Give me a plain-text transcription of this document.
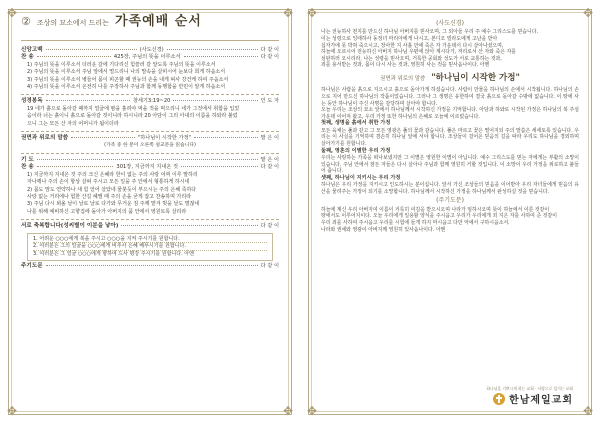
✥	✥
✥	✥
② 조상의 묘소에서 드리는 가족예배 순서
신앙고백	(사도신경)	다 같 이
찬 송	425장, 주님의 뜻을 이루소서	다 같 이
1) 주님의 뜻을 이루소서 더러운 갈에 기다리신 힘쓸러 갈 앞도록 주님의 뜻을 이루소서
2) 주님의 뜻을 이루소서 주님 앞에서 떨드리니 나의 맘속을 살피시어 눈보다 희게 하옵소서
3) 주님의 뜻을 이루소서 병들어 몸이 피곤할 때 권능의 손을 내게 펴사 강건케 하여 주옵소서
4) 주님의 뜻을 이루소서 온전히 나를 주장하사 주님과 함께 동행함을 만민이 알게 하옵소서
성경봉독	창세기3:19~20	인 도 자
19 네가 흙으로 돌아갈 때까지 얼굴에 땀을 흘려야 먹을 것을 먹으리니 네가 그것에서 취함을 입었
음이라 너는 흙이니 흙으로 돌아갈 것이니라 하시니라 20 아담이 그의 아내의 이름을 하와라 불렀
으니 그는 모든 산 자의 어머니가 됨이더라
권면과 위로의 말씀	"하나님이 시작한 가정"	말 은 이
(가족 중 한 분이 오른쪽 설교문을 읽습니다)
기 도	맡 은 이
찬 송	301장, 지금까지 지내온 것	다 같 이
1) 지금까지 지내온 것 주의 크신 은혜라 한이 없는 주의 사랑 어찌 이루 말하리
자나깨나 주의 손이 항상 살펴 주시고 모든 일을 주 안에서 형통하게 하시네
2) 몸도 맘도 연약하나 새 힘 얻어 살았네 물붓듯이 부으시는 주의 은혜 족하다
사랑 없는 거리에나 험한 산길 헤맬 때 주의 손을 굳게 잡고 찬송하며 가리라
3) 주님 다시 뵈올 날이 날로 날로 다가와 무거운 짐 주께 맡겨 벗을 날도 멀잖네
나를 위해 예비하신 고향집에 돌아가 아버지의 품 안에서 영원토록 살리라
서로 축복합니다(성씨별이 이분을 낳아)	다 같 이
1. 어려운 ○○○에게 복을 주시고 ○○○을 지켜 주시기를 원합니다.
2. 여러분은 그의 얼굴을 ○○○에게 비추사 은혜 베푸시기를 원합니다.
3. 여러분은 그 얼굴 ○○○에게 향하여 드사 평강 주시기를 원합니다. 아멘
주기도문	다 같 이
✥	✥
✥	✥
(사도신경)
나는 전능하사 천지를 만드신 하나님 아버지를 믿사오며, 그 외아들 우리 주 예수 그리스도를 믿습니다.
이는 성령으로 잉태하사 동정녀 마리아에게 나시고, 본디오 빌라도에게 고난을 받아
십자가에 못 박혀 죽으시고, 장사한 지 사흘 만에 죽은 자 가운데서 다시 살아나셨으며,
하늘에 오르시어 전능하신 아버지 하나님 우편에 앉아 계시다가, 저리로서 산 자와 죽은 자를
심판하러 오시리라. 나는 성령을 믿사오며, 거룩한 공회와 성도가 서로 교통하는 것과,
죄를 용서받는 것과, 몸이 다시 사는 것과, 영원히 사는 것을 믿사옵나이다. 아멘
권면과 위로의 말씀 "하나님이 시작한 가정"
하나님은 사람을 흙으로 지으시고 흙으로 돌아가게 하셨습니다. 사람이 만물을 하나님의 손에서 시작됩니다. 하나님의 손으로 지어 만드신 하나님의 작품이었습니다. 그러나 그 생명은 유한하여 결국 흙으로 돌아갈 수밖에 없습니다. 이 땅에 사는 동안 하나님이 주신 사명을 감당하며 살아야 합니다.
오늘 우리는 조상의 묘소 앞에서 하나님께서 시작하신 가정을 기억합니다. 아담과 하와로 시작된 가정은 하나님의 복 주심 가운데 이어져 왔고, 우리 가정 또한 하나님의 은혜로 오늘에 이르렀습니다.
첫째, 생명을 흙에서 취한 가정
모든 육체는 풀과 같고 그 모든 영광은 풀의 꽃과 같습니다. 풀은 마르고 꽃은 떨어지되 주의 말씀은 세세토록 있습니다. 우리는 이 사실을 기억하며 겸손히 하나님 앞에 서야 합니다. 조상들이 걸어온 믿음의 길을 따라 우리도 하나님을 경외하며 살아가기를 원합니다.
둘째, 영혼의 이별한 우리 가정
우리는 사랑하는 가족을 떠나보냈지만 그 이별은 영원한 이별이 아닙니다. 예수 그리스도를 믿는 자에게는 부활의 소망이 있습니다. 주님 안에서 잠든 자들은 다시 살아나 주님과 함께 영원히 거할 것입니다. 이 소망이 우리 가정을 위로하고 붙들어 줍니다.
셋째, 하나님이 지키시는 우리 가정
하나님은 우리 가정을 지키시고 인도하시는 분이십니다. 앞서 가신 조상들의 믿음을 이어받아 우리 자녀들에게 믿음의 유산을 물려주는 가정이 되기를 소망합니다. 하나님께서 시작하신 가정을 하나님께서 완성하실 것을 믿습니다.
(주기도문)
하늘에 계신 우리 아버지여 이름이 거룩히 여김을 받으시오며 나라가 임하시오며 뜻이 하늘에서 이룬 것같이
땅에서도 이루어지이다. 오늘 우리에게 일용할 양식을 주시옵고 우리가 우리에게 죄 지은 자를 사하여 준 것같이
우리 죄를 사하여 주시옵고 우리를 시험에 들게 하지 마시옵고 다만 악에서 구하시옵소서.
나라와 권세와 영광이 아버지께 영원히 있사옵나이다. 아멘
하나님을 기쁘시게 하는 교회 · 사랑으로 섬기는 교회
한남제일교회
